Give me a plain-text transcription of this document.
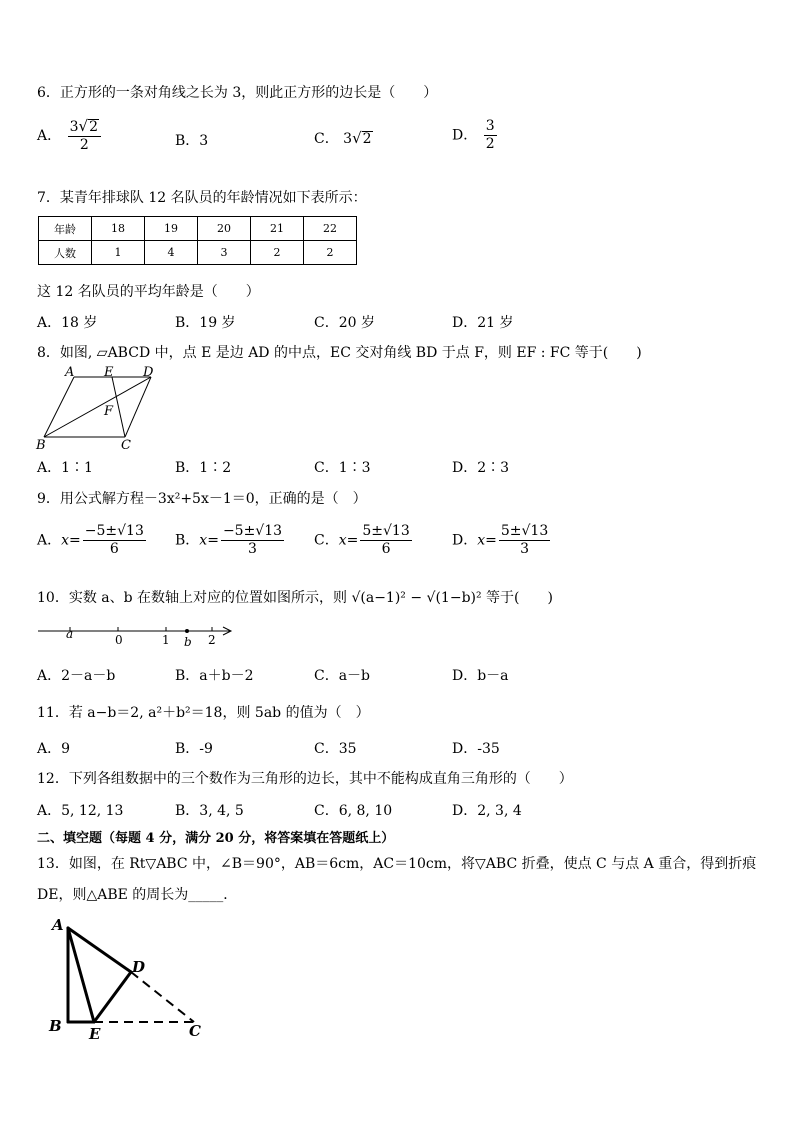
6．正方形的一条对角线之长为 3，则此正方形的边长是（　　）
A． $\frac{3√2}{2}$	B．3	C． 3√2	D． $\frac{3}{2}$
7．某青年排球队 12 名队员的年龄情况如下表所示：
年龄	18	19	20	21	22
人数	1	4	3	2	2
这 12 名队员的平均年龄是（　　）
A．18 岁	B．19 岁	C．20 岁	D．21 岁
8．如图, ▱ABCD 中，点 E 是边 AD 的中点，EC 交对角线 BD 于点 F，则 EF : FC 等于(　　)
A E D
F
B	C
A．1∶1	B．1∶2	C．1∶3	D．2∶3
9．用公式解方程－3x²+5x－1＝0，正确的是（　）
A．$x= \frac{-5\pm√13}{6}$ B．$x= \frac{-5\pm√13}{3}$ C．$x= \frac{5\pm√13}{6}$	D．$x= \frac{5\pm√13}{3}$
10．实数 a、b 在数轴上对应的位置如图所示，则 √(a−1)² − √(1−b)² 等于(　　)
a	0	1 b 2
A．2－a－b	B．a＋b－2	C．a－b	D．b－a
11．若 a−b＝2, a²＋b²＝18，则 5ab 的值为（　）
A．9	B．-9	C．35	D．-35
12．下列各组数据中的三个数作为三角形的边长，其中不能构成直角三角形的（　　）
A．5, 12, 13	B．3, 4, 5	C．6, 8, 10	D．2, 3, 4
二、填空题（每题 4 分，满分 20 分，将答案填在答题纸上）
13．如图，在 Rt▽ABC 中，∠B＝90°，AB＝6cm，AC＝10cm，将▽ABC 折叠，使点 C 与点 A 重合，得到折痕
DE，则△ABE 的周长为_____．
A
D
B E	C
